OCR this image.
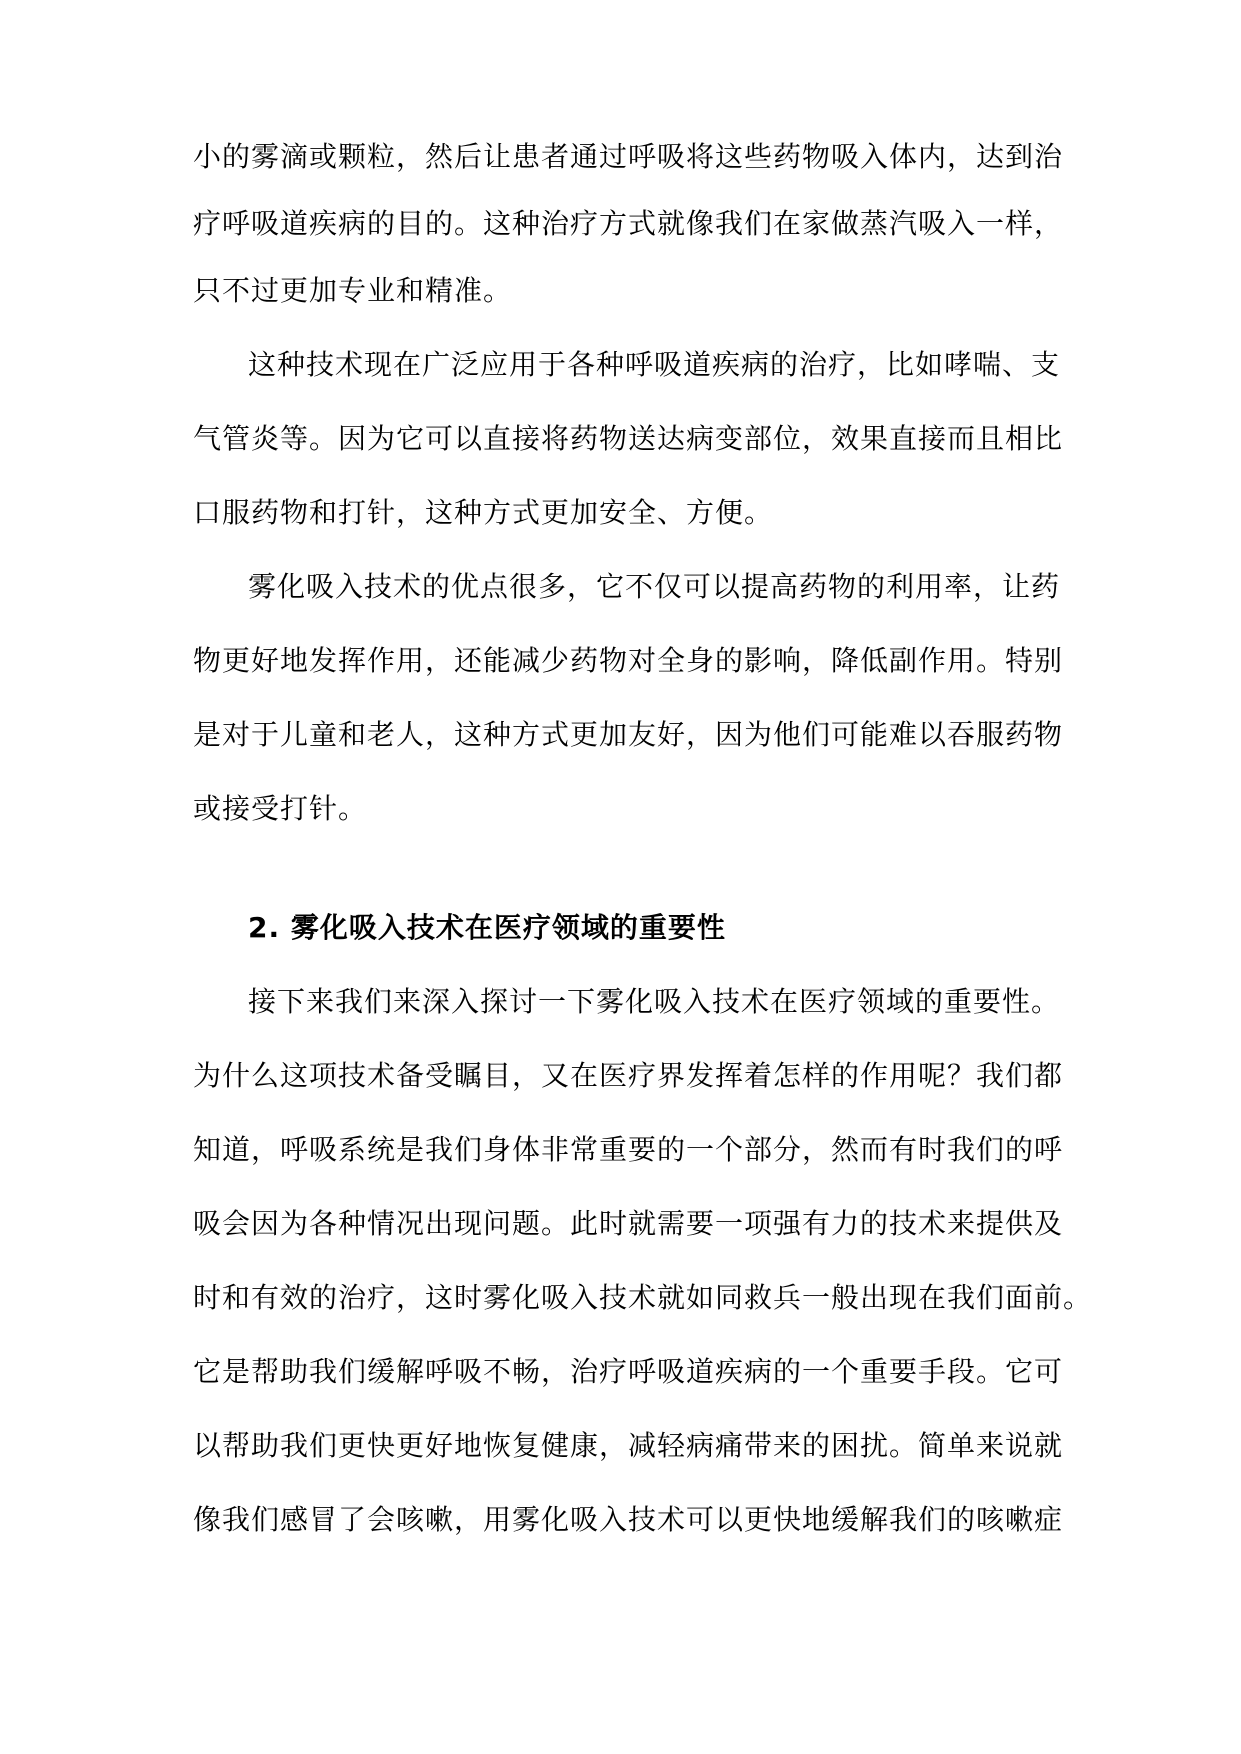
小的雾滴或颗粒，然后让患者通过呼吸将这些药物吸入体内，达到治
疗呼吸道疾病的目的。这种治疗方式就像我们在家做蒸汽吸入一样，
只不过更加专业和精准。
这种技术现在广泛应用于各种呼吸道疾病的治疗，比如哮喘、支
气管炎等。因为它可以直接将药物送达病变部位，效果直接而且相比
口服药物和打针，这种方式更加安全、方便。
雾化吸入技术的优点很多，它不仅可以提高药物的利用率，让药
物更好地发挥作用，还能减少药物对全身的影响，降低副作用。特别
是对于儿童和老人，这种方式更加友好，因为他们可能难以吞服药物
或接受打针。
2. 雾化吸入技术在医疗领域的重要性
接下来我们来深入探讨一下雾化吸入技术在医疗领域的重要性。
为什么这项技术备受瞩目，又在医疗界发挥着怎样的作用呢？我们都
知道，呼吸系统是我们身体非常重要的一个部分，然而有时我们的呼
吸会因为各种情况出现问题。此时就需要一项强有力的技术来提供及
时和有效的治疗，这时雾化吸入技术就如同救兵一般出现在我们面前。
它是帮助我们缓解呼吸不畅，治疗呼吸道疾病的一个重要手段。它可
以帮助我们更快更好地恢复健康，减轻病痛带来的困扰。简单来说就
像我们感冒了会咳嗽，用雾化吸入技术可以更快地缓解我们的咳嗽症
